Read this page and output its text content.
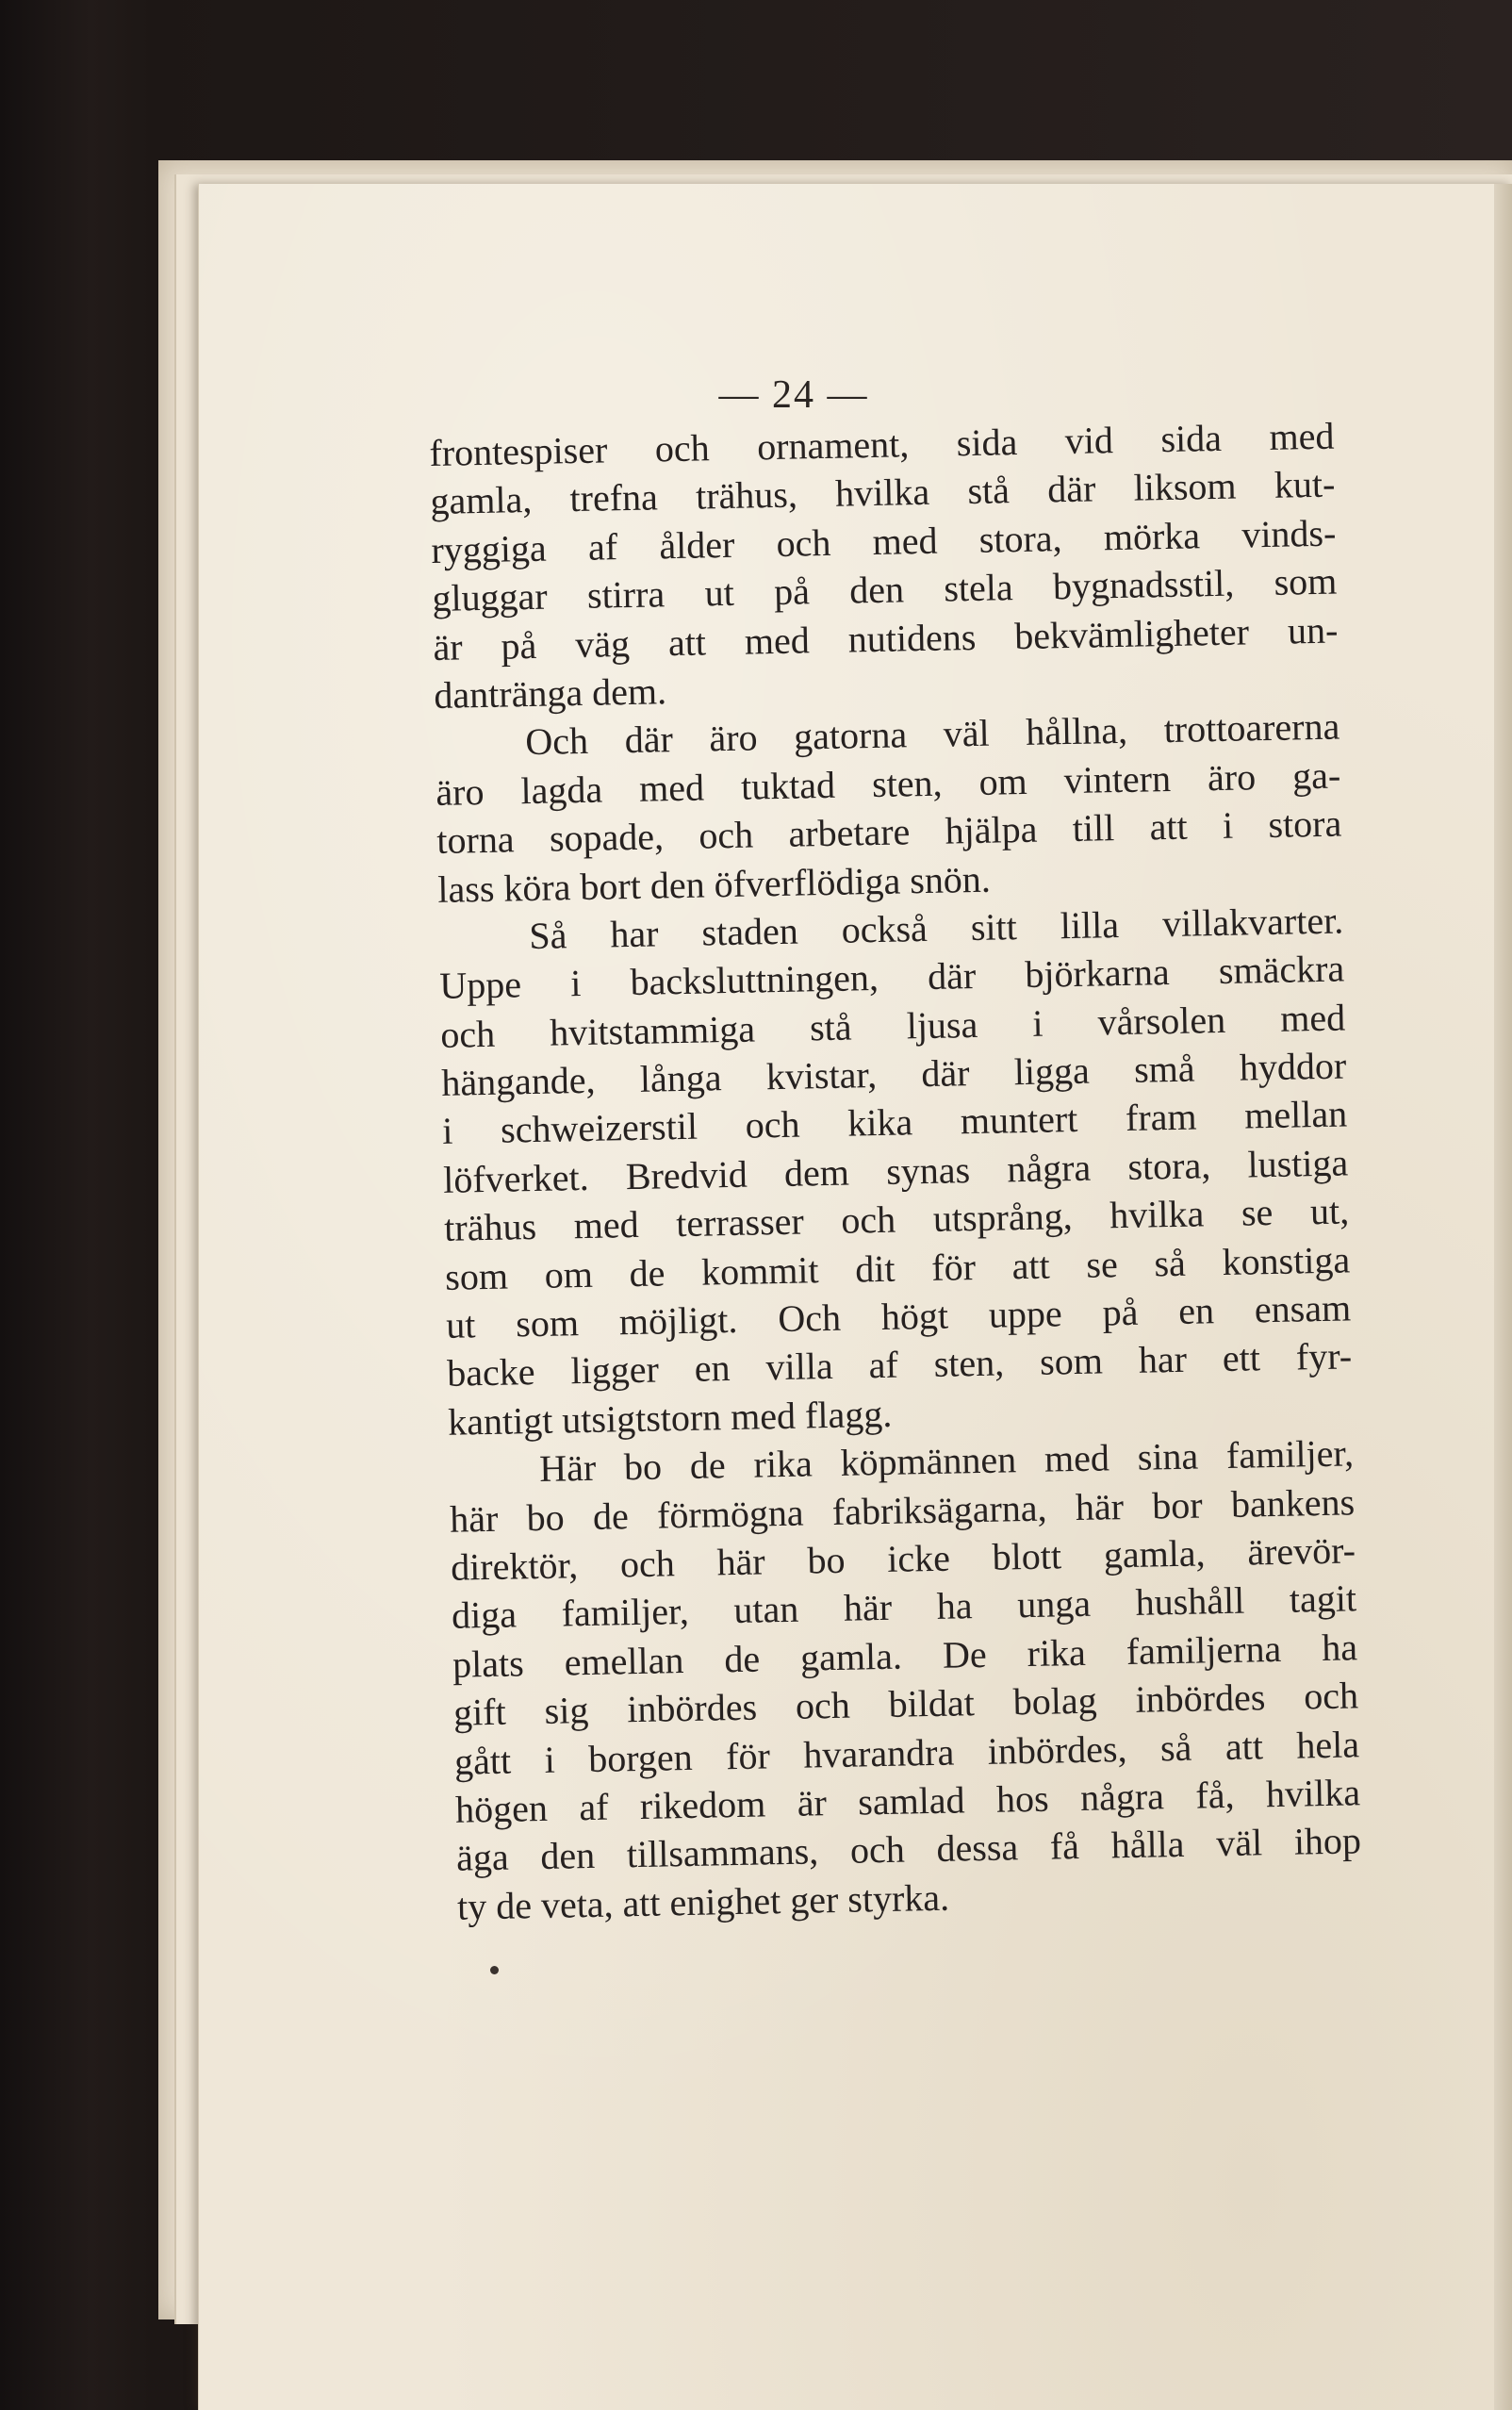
— 24 —
frontespiser och ornament, sida vid sida med
gamla, trefna trähus, hvilka stå där liksom kut-
ryggiga af ålder och med stora, mörka vinds-
gluggar stirra ut på den stela bygnadsstil, som
är på väg att med nutidens bekvämligheter un-
dantränga dem.
Och där äro gatorna väl hållna, trottoarerna
äro lagda med tuktad sten, om vintern äro ga-
torna sopade, och arbetare hjälpa till att i stora
lass köra bort den öfverflödiga snön.
Så har staden också sitt lilla villakvarter.
Uppe i backsluttningen, där björkarna smäckra
och hvitstammiga stå ljusa i vårsolen med
hängande, långa kvistar, där ligga små hyddor
i schweizerstil och kika muntert fram mellan
löfverket. Bredvid dem synas några stora, lustiga
trähus med terrasser och utsprång, hvilka se ut,
som om de kommit dit för att se så konstiga
ut som möjligt. Och högt uppe på en ensam
backe ligger en villa af sten, som har ett fyr-
kantigt utsigtstorn med flagg.
Här bo de rika köpmännen med sina familjer,
här bo de förmögna fabriksägarna, här bor bankens
direktör, och här bo icke blott gamla, ärevör-
diga familjer, utan här ha unga hushåll tagit
plats emellan de gamla. De rika familjerna ha
gift sig inbördes och bildat bolag inbördes och
gått i borgen för hvarandra inbördes, så att hela
högen af rikedom är samlad hos några få, hvilka
äga den tillsammans, och dessa få hålla väl ihop
ty de veta, att enighet ger styrka.
